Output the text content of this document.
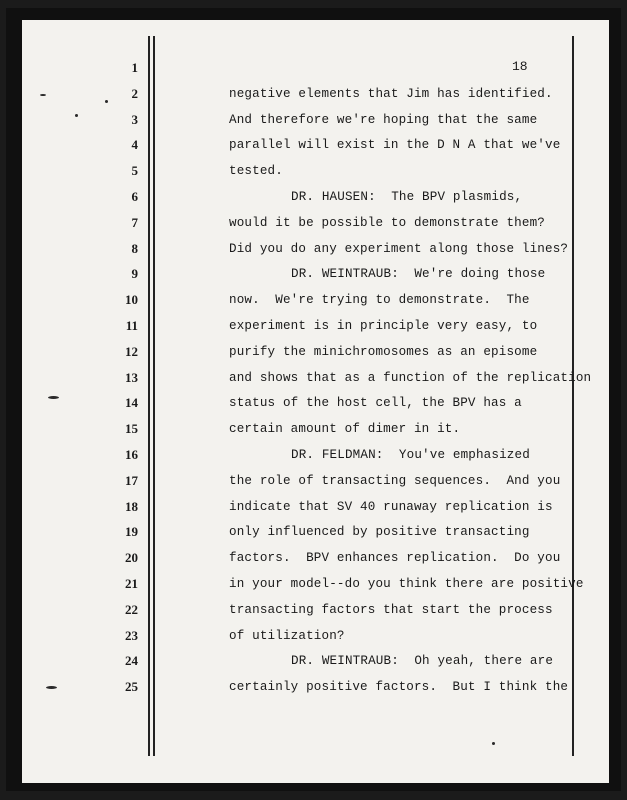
18
1
2
3
4
5
6
7
8
9
10
11
12
13
14
15
16
17
18
19
20
21
22
23
24
25
negative elements that Jim has identified.
And therefore we're hoping that the same
parallel will exist in the D N A that we've
tested.
DR. HAUSEN:  The BPV plasmids,
would it be possible to demonstrate them?
Did you do any experiment along those lines?
DR. WEINTRAUB:  We're doing those
now.  We're trying to demonstrate.  The
experiment is in principle very easy, to
purify the minichromosomes as an episome
and shows that as a function of the replication
status of the host cell, the BPV has a
certain amount of dimer in it.
DR. FELDMAN:  You've emphasized
the role of transacting sequences.  And you
indicate that SV 40 runaway replication is
only influenced by positive transacting
factors.  BPV enhances replication.  Do you
in your model--do you think there are positive
transacting factors that start the process
of utilization?
DR. WEINTRAUB:  Oh yeah, there are
certainly positive factors.  But I think the
